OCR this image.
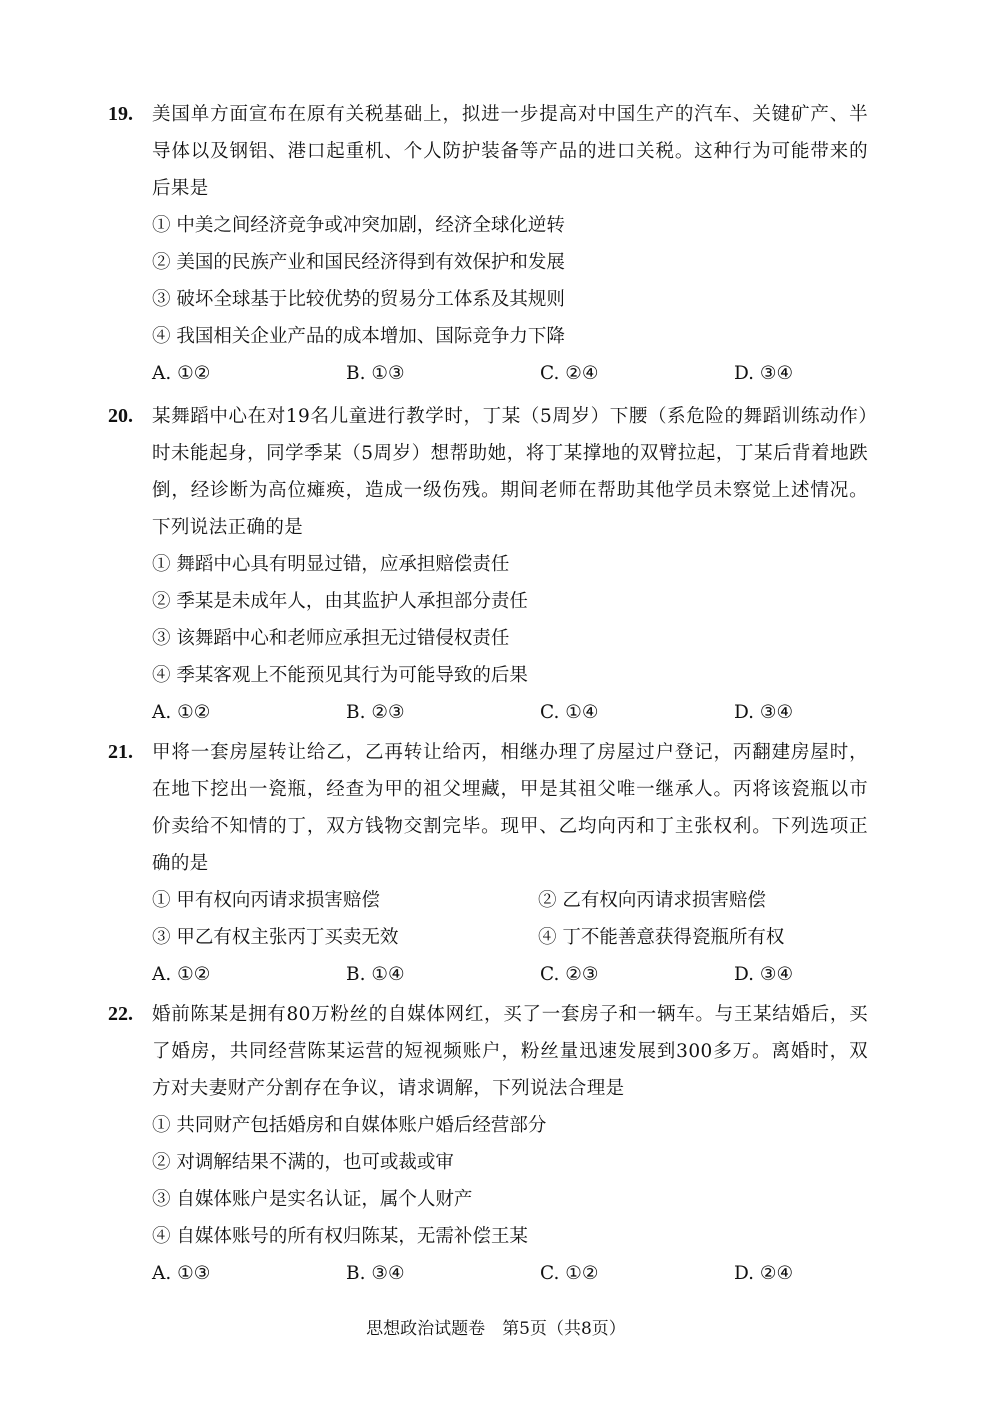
19. 美国单方面宣布在原有关税基础上，拟进一步提高对中国生产的汽车、关键矿产、半导体以及钢铝、港口起重机、个人防护装备等产品的进口关税。这种行为可能带来的后果是

① 中美之间经济竞争或冲突加剧，经济全球化逆转
② 美国的民族产业和国民经济得到有效保护和发展
③ 破坏全球基于比较优势的贸易分工体系及其规则
④ 我国相关企业产品的成本增加、国际竞争力下降
A. ①②	B. ①③	C. ②④	D. ③④
20. 某舞蹈中心在对19名儿童进行教学时，丁某（5周岁）下腰（系危险的舞蹈训练动作）时未能起身，同学季某（5周岁）想帮助她，将丁某撑地的双臂拉起，丁某后背着地跌倒，经诊断为高位瘫痪，造成一级伤残。期间老师在帮助其他学员未察觉上述情况。下列说法正确的是

① 舞蹈中心具有明显过错，应承担赔偿责任
② 季某是未成年人，由其监护人承担部分责任
③ 该舞蹈中心和老师应承担无过错侵权责任
④ 季某客观上不能预见其行为可能导致的后果
A. ①②	B. ②③	C. ①④	D. ③④
21. 甲将一套房屋转让给乙，乙再转让给丙，相继办理了房屋过户登记，丙翻建房屋时，在地下挖出一瓷瓶，经查为甲的祖父埋藏，甲是其祖父唯一继承人。丙将该瓷瓶以市价卖给不知情的丁，双方钱物交割完毕。现甲、乙均向丙和丁主张权利。下列选项正确的是

① 甲有权向丙请求损害赔偿	② 乙有权向丙请求损害赔偿
③ 甲乙有权主张丙丁买卖无效	④ 丁不能善意获得瓷瓶所有权
A. ①②	B. ①④	C. ②③	D. ③④
22. 婚前陈某是拥有80万粉丝的自媒体网红，买了一套房子和一辆车。与王某结婚后，买了婚房，共同经营陈某运营的短视频账户，粉丝量迅速发展到300多万。离婚时，双方对夫妻财产分割存在争议，请求调解，下列说法合理是

① 共同财产包括婚房和自媒体账户婚后经营部分
② 对调解结果不满的，也可或裁或审
③ 自媒体账户是实名认证，属个人财产
④ 自媒体账号的所有权归陈某，无需补偿王某
A. ①③	B. ③④	C. ①②	D. ②④
思想政治试题卷　第5页（共8页）
